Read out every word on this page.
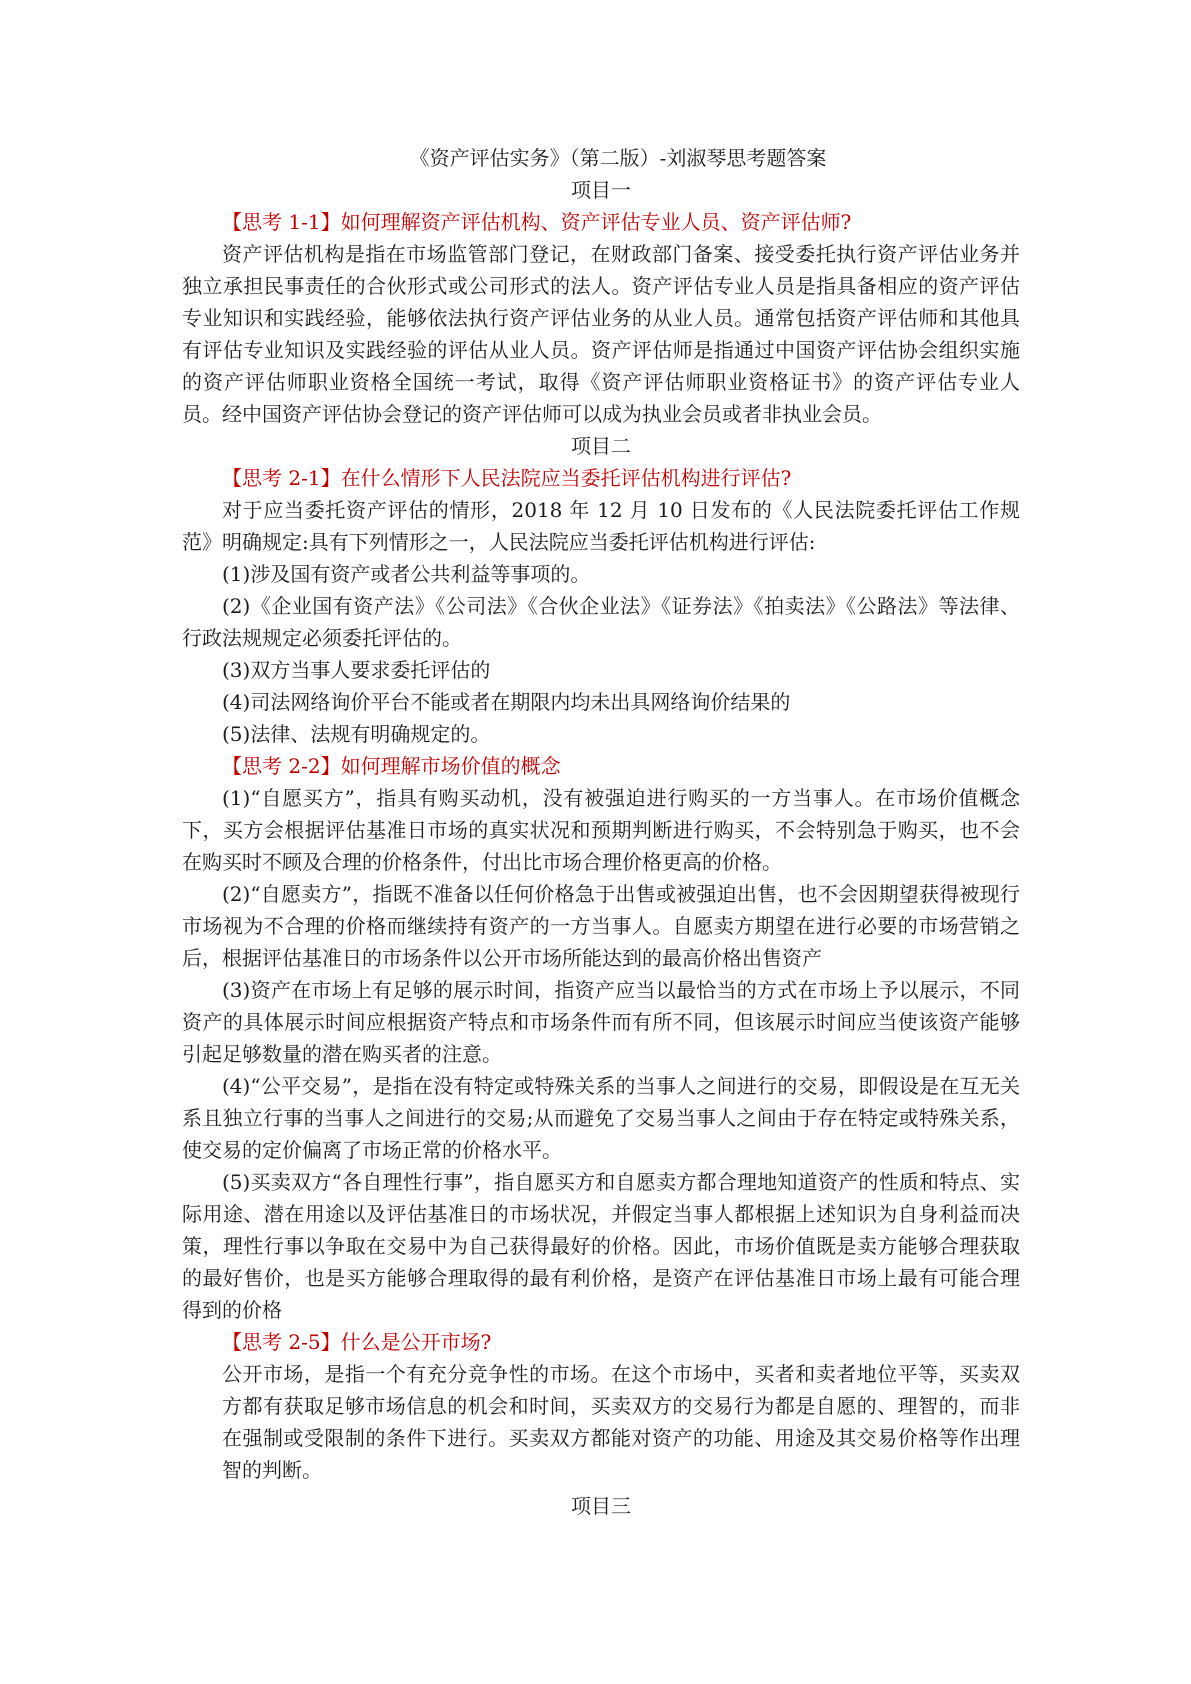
《资产评估实务》（第二版）-刘淑琴思考题答案

项目一

【思考 1-1】如何理解资产评估机构、资产评估专业人员、资产评估师?

资产评估机构是指在市场监管部门登记，在财政部门备案、接受委托执行资产评估业务并独立承担民事责任的合伙形式或公司形式的法人。资产评估专业人员是指具备相应的资产评估专业知识和实践经验，能够依法执行资产评估业务的从业人员。通常包括资产评估师和其他具有评估专业知识及实践经验的评估从业人员。资产评估师是指通过中国资产评估协会组织实施的资产评估师职业资格全国统一考试，取得《资产评估师职业资格证书》的资产评估专业人员。经中国资产评估协会登记的资产评估师可以成为执业会员或者非执业会员。

项目二

【思考 2-1】在什么情形下人民法院应当委托评估机构进行评估?

对于应当委托资产评估的情形，2018 年 12 月 10 日发布的《人民法院委托评估工作规范》明确规定:具有下列情形之一，人民法院应当委托评估机构进行评估:

(1)涉及国有资产或者公共利益等事项的。

(2)《企业国有资产法》《公司法》《合伙企业法》《证券法》《拍卖法》《公路法》等法律、行政法规规定必须委托评估的。

(3)双方当事人要求委托评估的

(4)司法网络询价平台不能或者在期限内均未出具网络询价结果的

(5)法律、法规有明确规定的。

【思考 2-2】如何理解市场价值的概念

(1)“自愿买方”，指具有购买动机，没有被强迫进行购买的一方当事人。在市场价值概念下，买方会根据评估基准日市场的真实状况和预期判断进行购买，不会特别急于购买，也不会在购买时不顾及合理的价格条件，付出比市场合理价格更高的价格。

(2)“自愿卖方”，指既不准备以任何价格急于出售或被强迫出售，也不会因期望获得被现行市场视为不合理的价格而继续持有资产的一方当事人。自愿卖方期望在进行必要的市场营销之后，根据评估基准日的市场条件以公开市场所能达到的最高价格出售资产

(3)资产在市场上有足够的展示时间，指资产应当以最恰当的方式在市场上予以展示，不同资产的具体展示时间应根据资产特点和市场条件而有所不同，但该展示时间应当使该资产能够引起足够数量的潜在购买者的注意。

(4)“公平交易”，是指在没有特定或特殊关系的当事人之间进行的交易，即假设是在互无关系且独立行事的当事人之间进行的交易;从而避免了交易当事人之间由于存在特定或特殊关系，使交易的定价偏离了市场正常的价格水平。

(5)买卖双方“各自理性行事”，指自愿买方和自愿卖方都合理地知道资产的性质和特点、实际用途、潜在用途以及评估基准日的市场状况，并假定当事人都根据上述知识为自身利益而决策，理性行事以争取在交易中为自己获得最好的价格。因此，市场价值既是卖方能够合理获取的最好售价，也是买方能够合理取得的最有利价格，是资产在评估基准日市场上最有可能合理得到的价格

【思考 2-5】什么是公开市场?

公开市场，是指一个有充分竞争性的市场。在这个市场中，买者和卖者地位平等，买卖双方都有获取足够市场信息的机会和时间，买卖双方的交易行为都是自愿的、理智的，而非在强制或受限制的条件下进行。买卖双方都能对资产的功能、用途及其交易价格等作出理智的判断。

项目三
